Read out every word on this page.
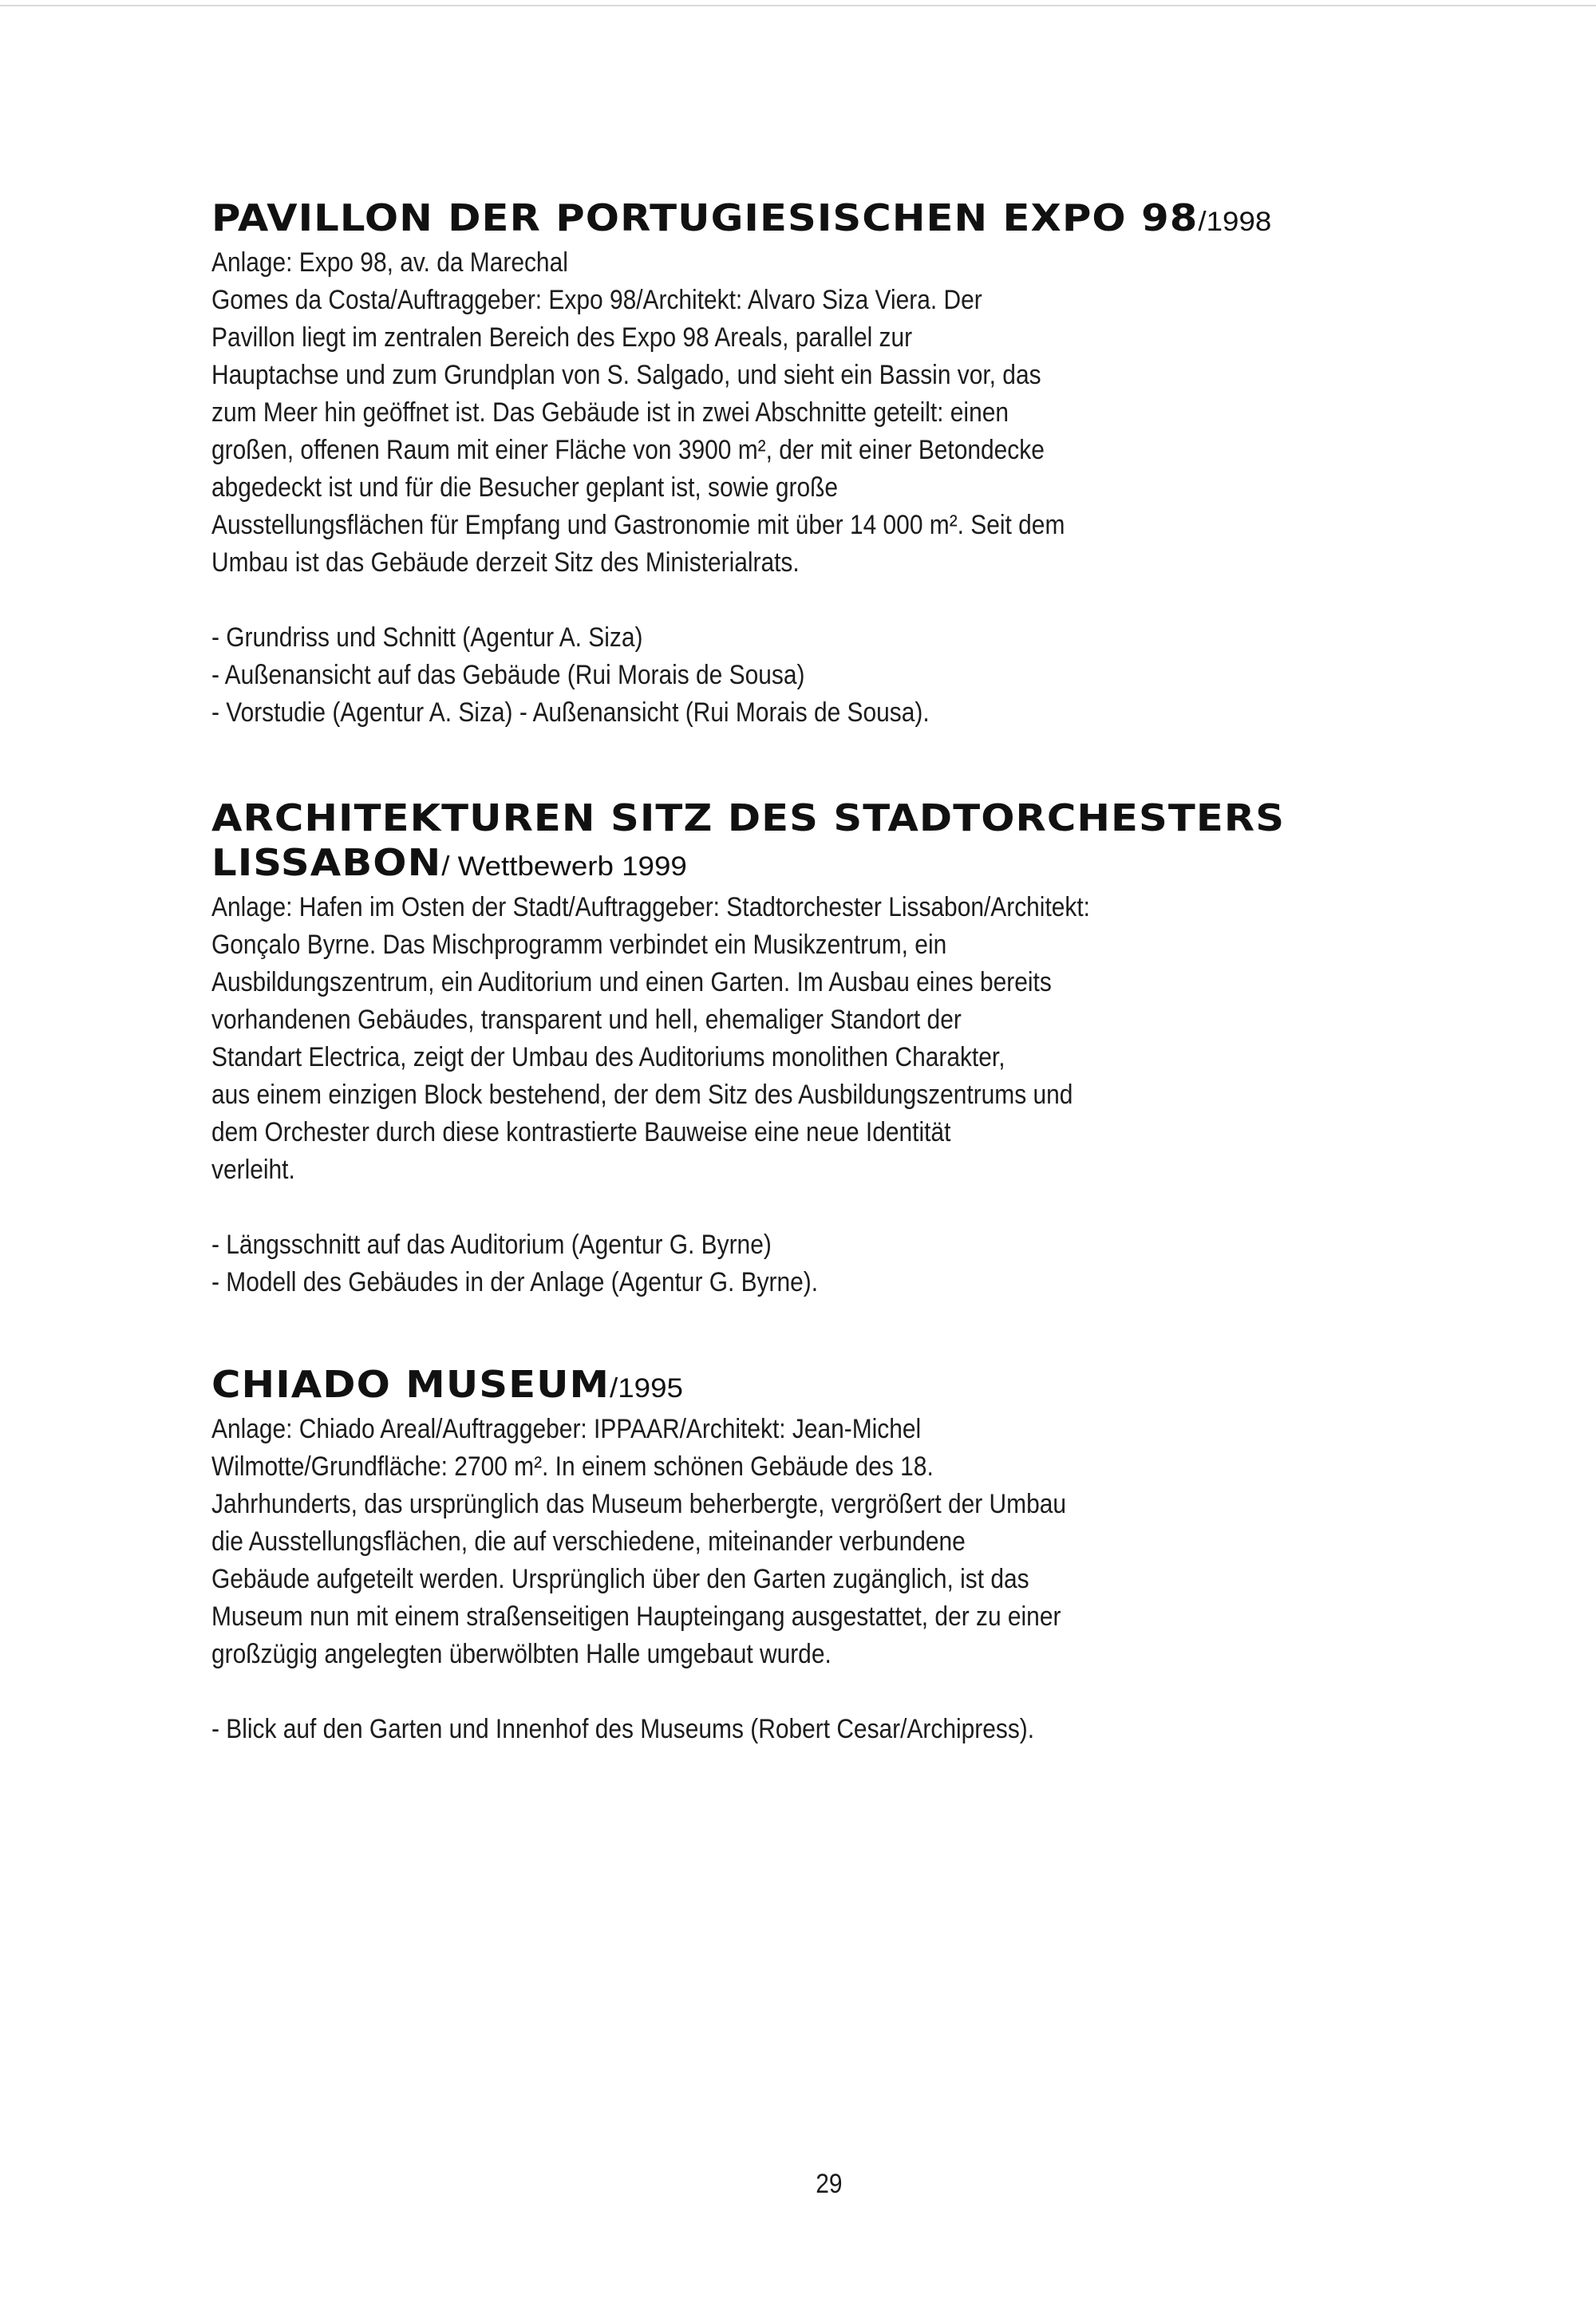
PAVILLON DER PORTUGIESISCHEN EXPO 98/1998

Anlage: Expo 98, av. da Marechal

Gomes da Costa/Auftraggeber: Expo 98/Architekt: Alvaro Siza Viera. Der

Pavillon liegt im zentralen Bereich des Expo 98 Areals, parallel zur

Hauptachse und zum Grundplan von S. Salgado, und sieht ein Bassin vor, das

zum Meer hin geöffnet ist. Das Gebäude ist in zwei Abschnitte geteilt: einen

großen, offenen Raum mit einer Fläche von 3900 m², der mit einer Betondecke

abgedeckt ist und für die Besucher geplant ist, sowie große

Ausstellungsflächen für Empfang und Gastronomie mit über 14 000 m². Seit dem

Umbau ist das Gebäude derzeit Sitz des Ministerialrats.

- Grundriss und Schnitt (Agentur A. Siza)

- Außenansicht auf das Gebäude (Rui Morais de Sousa)

- Vorstudie (Agentur A. Siza) - Außenansicht (Rui Morais de Sousa).

ARCHITEKTUREN SITZ DES STADTORCHESTERS
LISSABON/ Wettbewerb 1999

Anlage: Hafen im Osten der Stadt/Auftraggeber: Stadtorchester Lissabon/Architekt:

Gonçalo Byrne. Das Mischprogramm verbindet ein Musikzentrum, ein

Ausbildungszentrum, ein Auditorium und einen Garten. Im Ausbau eines bereits

vorhandenen Gebäudes, transparent und hell, ehemaliger Standort der

Standart Electrica, zeigt der Umbau des Auditoriums monolithen Charakter,

aus einem einzigen Block bestehend, der dem Sitz des Ausbildungszentrums und

dem Orchester durch diese kontrastierte Bauweise eine neue Identität

verleiht.

- Längsschnitt auf das Auditorium (Agentur G. Byrne)

- Modell des Gebäudes in der Anlage (Agentur G. Byrne).

CHIADO MUSEUM/1995

Anlage: Chiado Areal/Auftraggeber: IPPAAR/Architekt: Jean-Michel

Wilmotte/Grundfläche: 2700 m². In einem schönen Gebäude des 18.

Jahrhunderts, das ursprünglich das Museum beherbergte, vergrößert der Umbau

die Ausstellungsflächen, die auf verschiedene, miteinander verbundene

Gebäude aufgeteilt werden. Ursprünglich über den Garten zugänglich, ist das

Museum nun mit einem straßenseitigen Haupteingang ausgestattet, der zu einer

großzügig angelegten überwölbten Halle umgebaut wurde.

- Blick auf den Garten und Innenhof des Museums (Robert Cesar/Archipress).

29
